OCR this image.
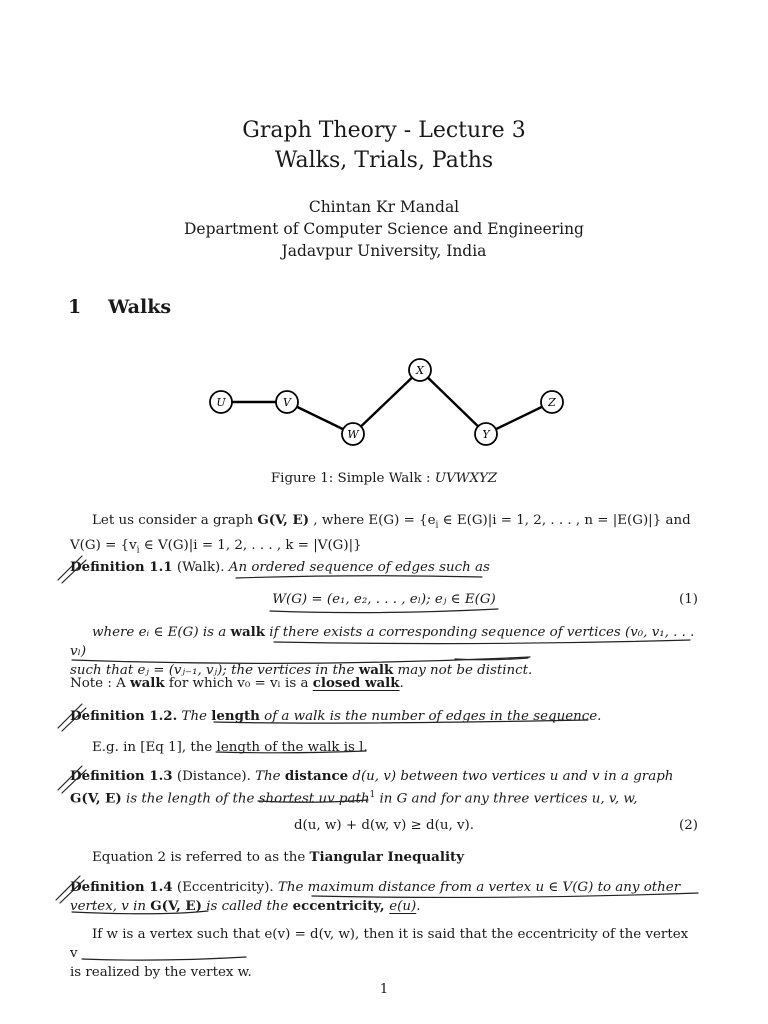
Graph Theory - Lecture 3
Walks, Trials, Paths
Chintan Kr Mandal
Department of Computer Science and Engineering
Jadavpur University, India
1 Walks
U	V
W
X
Y
Z
Figure 1: Simple Walk : UVWXYZ
Let us consider a graph G(V, E) , where $E(G) = \{e_i$ ∈ E(G)|i = 1, 2, . . . , n = |E(G)|} and
$V(G) = \{v_i$ ∈ V(G)|i = 1, 2, . . . , k = |V(G)|}
Definition 1.1 (Walk). An ordered sequence of edges such as
W(G) = (e₁, e₂, . . . , eₗ); eⱼ ∈ E(G)	(1)
where eᵢ ∈ E(G) is a walk if there exists a corresponding sequence of vertices (v₀, v₁, . . . vₗ)
such that eⱼ = (vⱼ₋₁, vⱼ); the vertices in the walk may not be distinct.
Note : A walk for which v₀ = vₗ is a closed walk.
Definition 1.2. The length of a walk is the number of edges in the sequence.
E.g. in [Eq 1], the length of the walk is l.
Definition 1.3 (Distance). The distance d(u, v) between two vertices u and v in a graph
G(V, E) is the length of the shortest uv path$^1$ in G and for any three vertices u, v, w,
d(u, w) + d(w, v) ≥ d(u, v).	(2)
Equation 2 is referred to as the Tiangular Inequality
Definition 1.4 (Eccentricity). The maximum distance from a vertex u ∈ V(G) to any other
vertex, v in G(V, E) is called the eccentricity, e(u).
If w is a vertex such that e(v) = d(v, w), then it is said that the eccentricity of the vertex v
is realized by the vertex w.
1
